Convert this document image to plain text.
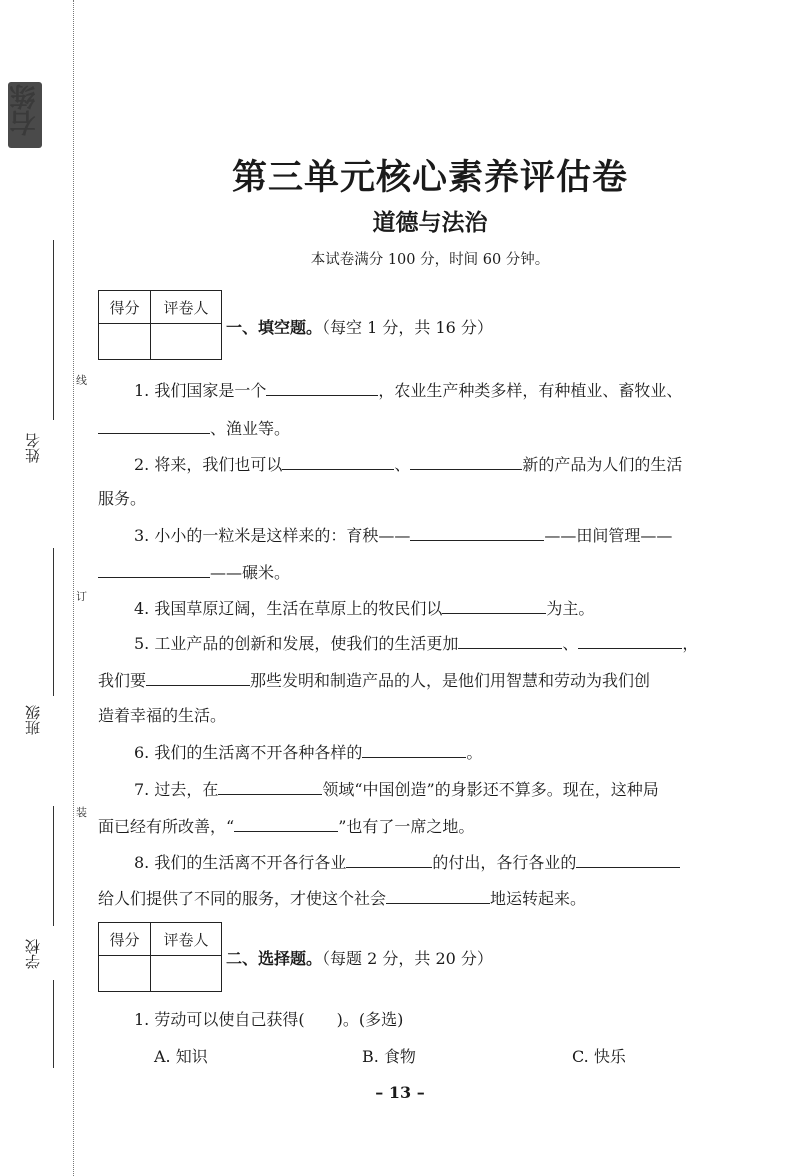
线
订
装
左记
右练
姓名
班级
学校
第三单元核心素养评估卷
道德与法治
本试卷满分 100 分，时间 60 分钟。
得分	评卷人
一、填空题。（每空 1 分，共 16 分）
1. 我们国家是一个	，农业生产种类多样，有种植业、畜牧业、
、渔业等。
2. 将来，我们也可以	、	新的产品为人们的生活
服务。
3. 小小的一粒米是这样来的：育秧——	——田间管理——
——碾米。
4. 我国草原辽阔，生活在草原上的牧民们以	为主。
5. 工业产品的创新和发展，使我们的生活更加	、	，
我们要	那些发明和制造产品的人，是他们用智慧和劳动为我们创
造着幸福的生活。
6. 我们的生活离不开各种各样的	。
7. 过去，在	领域“中国创造”的身影还不算多。现在，这种局
面已经有所改善，“	”也有了一席之地。
8. 我们的生活离不开各行各业	的付出，各行各业的
给人们提供了不同的服务，才使这个社会	地运转起来。
得分	评卷人
二、选择题。（每题 2 分，共 20 分）
1. 劳动可以使自己获得(　　)。(多选)
A. 知识	B. 食物	C. 快乐
– 13 –
